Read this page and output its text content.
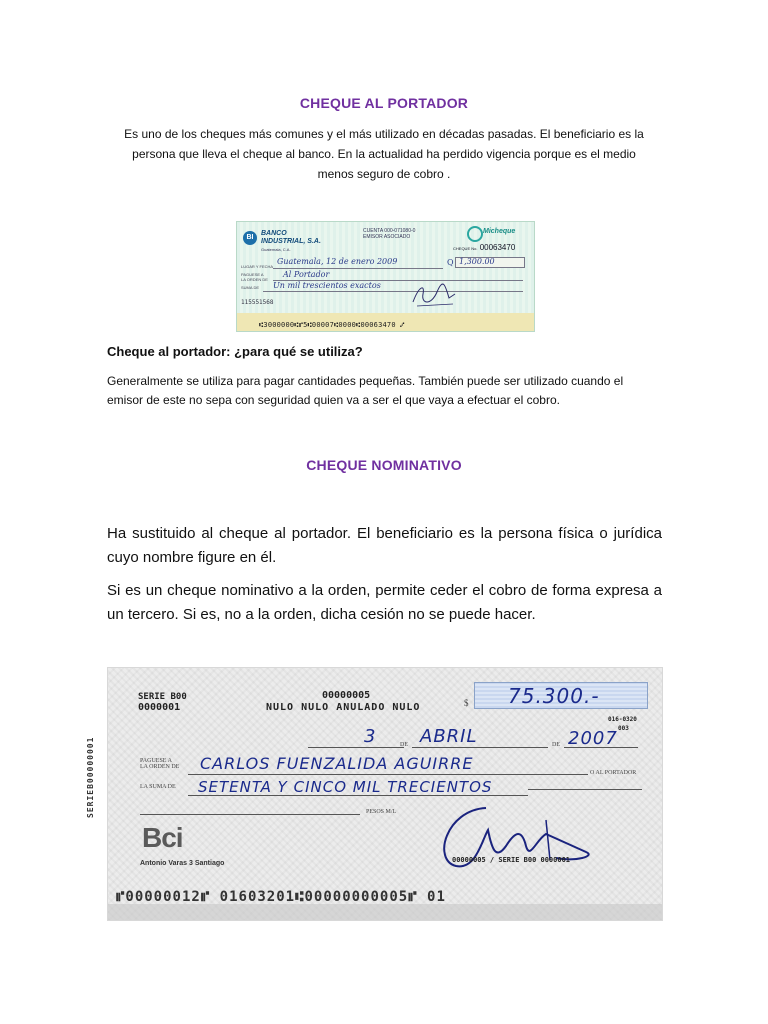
CHEQUE AL PORTADOR
Es uno de los cheques más comunes y el más utilizado en décadas pasadas. El beneficiario es la
persona que lleva el cheque al banco. En la actualidad ha perdido vigencia porque es el medio
menos seguro de cobro .
BI
BANCO
INDUSTRIAL, S.A.
Guatemala, C.A.
CUENTA 000-071080-0
EMISOR ASOCIADO
Micheque
CHEQUE No. 00063470
LUGAR Y FECHA
Guatemala, 12 de enero 2009	Q 1,300.00
PAGUESE A
LA ORDEN DE
Al Portador
SUMA DE Un mil trescientos exactos
115551568
⑆3000000⑆⑈5⑆00007⑆0000⑆00063470 ⑇
Cheque al portador: ¿para qué se utiliza?
Generalmente se utiliza para pagar cantidades pequeñas. También puede ser utilizado cuando el
emisor de este no sepa con seguridad quien va a ser el que vaya a efectuar el cobro.
CHEQUE NOMINATIVO
Ha sustituido al cheque al portador. El beneficiario es la persona física o jurídica cuyo nombre figure en él.
Si es un cheque nominativo a la orden, permite ceder el cobro de forma expresa a un tercero. Si es, no a la orden, dicha cesión no se puede hacer.
SERIE B00
0000001
00000005
NULO NULO ANULADO NULO	$ 75.300.-
016-0320
003
3	DE ABRIL	DE 2007
PAGUESE A
LA ORDEN DE CARLOS FUENZALIDA AGUIRRE	O AL PORTADOR
LA SUMA DE SETENTA Y CINCO MIL TRECIENTOS
PESOS M/L
SERIEB00000001
Bci
Antonio Varas 3 Santiago	00000005 / SERIE B00 0000001
⑈00000012⑈ 01603201⑆00000000005⑈ 01
